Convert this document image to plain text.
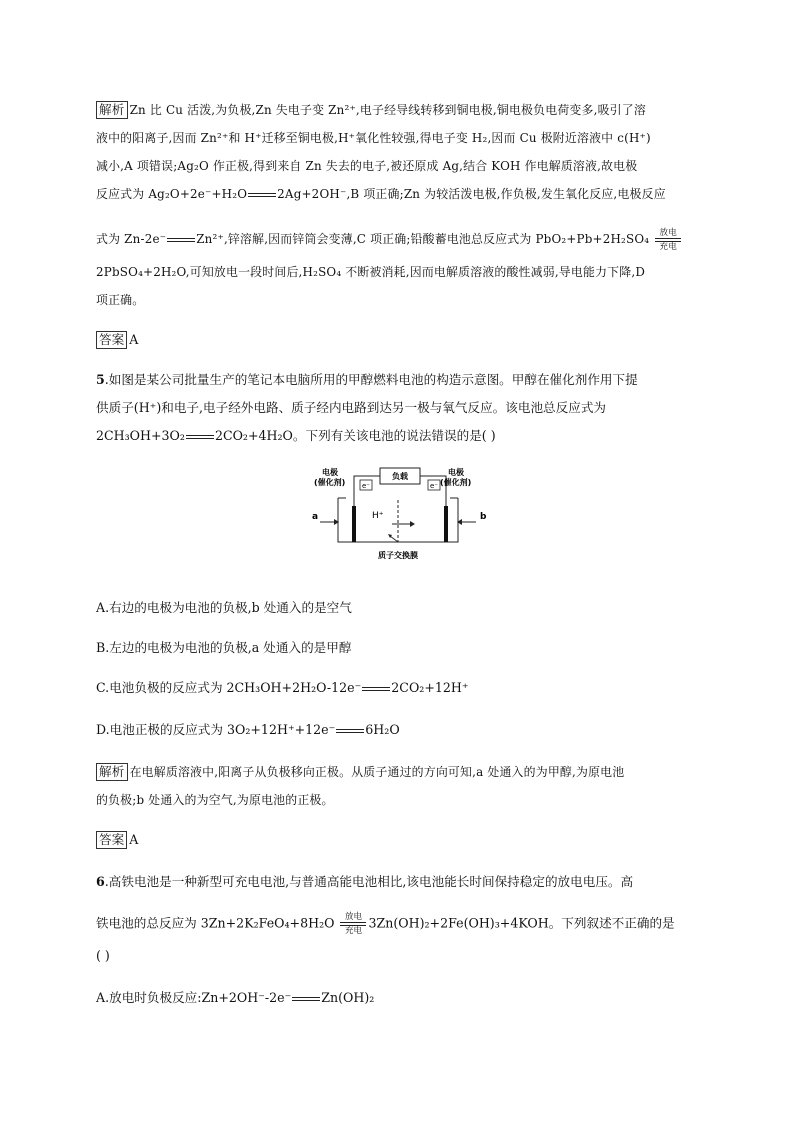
解析 Zn 比 Cu 活泼,为负极,Zn 失电子变 Zn²⁺,电子经导线转移到铜电极,铜电极负电荷变多,吸引了溶
液中的阳离子,因而 Zn²⁺和 H⁺迁移至铜电极,H⁺氧化性较强,得电子变 H₂,因而 Cu 极附近溶液中 c(H⁺)
减小,A 项错误;Ag₂O 作正极,得到来自 Zn 失去的电子,被还原成 Ag,结合 KOH 作电解质溶液,故电极
反应式为 Ag₂O+2e⁻+H₂O	2Ag+2OH⁻,B 项正确;Zn 为较活泼电极,作负极,发生氧化反应,电极反应
式为 Zn-2e⁻	Zn²⁺,锌溶解,因而锌筒会变薄,C 项正确;铅酸蓄电池总反应式为 PbO₂+Pb+2H₂SO₄ 放电
充电
2PbSO₄+2H₂O,可知放电一段时间后,H₂SO₄ 不断被消耗,因而电解质溶液的酸性减弱,导电能力下降,D
项正确。
答案 A
5.如图是某公司批量生产的笔记本电脑所用的甲醇燃料电池的构造示意图。甲醇在催化剂作用下提
供质子(H⁺)和电子,电子经外电路、质子经内电路到达另一极与氧气反应。该电池总反应式为
2CH₃OH+3O₂ 2CO₂+4H₂O。下列有关该电池的说法错误的是( )
电极
(催化剂)
电极
(催化剂)
负载
e⁻	e⁻
H⁺
a	b
质子交换膜
A.右边的电极为电池的负极,b 处通入的是空气
B.左边的电极为电池的负极,a 处通入的是甲醇
C.电池负极的反应式为 2CH₃OH+2H₂O-12e⁻ 2CO₂+12H⁺
D.电池正极的反应式为 3O₂+12H⁺+12e⁻ 6H₂O
解析 在电解质溶液中,阳离子从负极移向正极。从质子通过的方向可知,a 处通入的为甲醇,为原电池
的负极;b 处通入的为空气,为原电池的正极。
答案 A
6.高铁电池是一种新型可充电电池,与普通高能电池相比,该电池能长时间保持稳定的放电电压。高
铁电池的总反应为 3Zn+2K₂FeO₄+8H₂O 放电
充电
3Zn(OH)₂+2Fe(OH)₃+4KOH。下列叙述不正确的是
( )
A.放电时负极反应:Zn+2OH⁻-2e⁻ Zn(OH)₂
